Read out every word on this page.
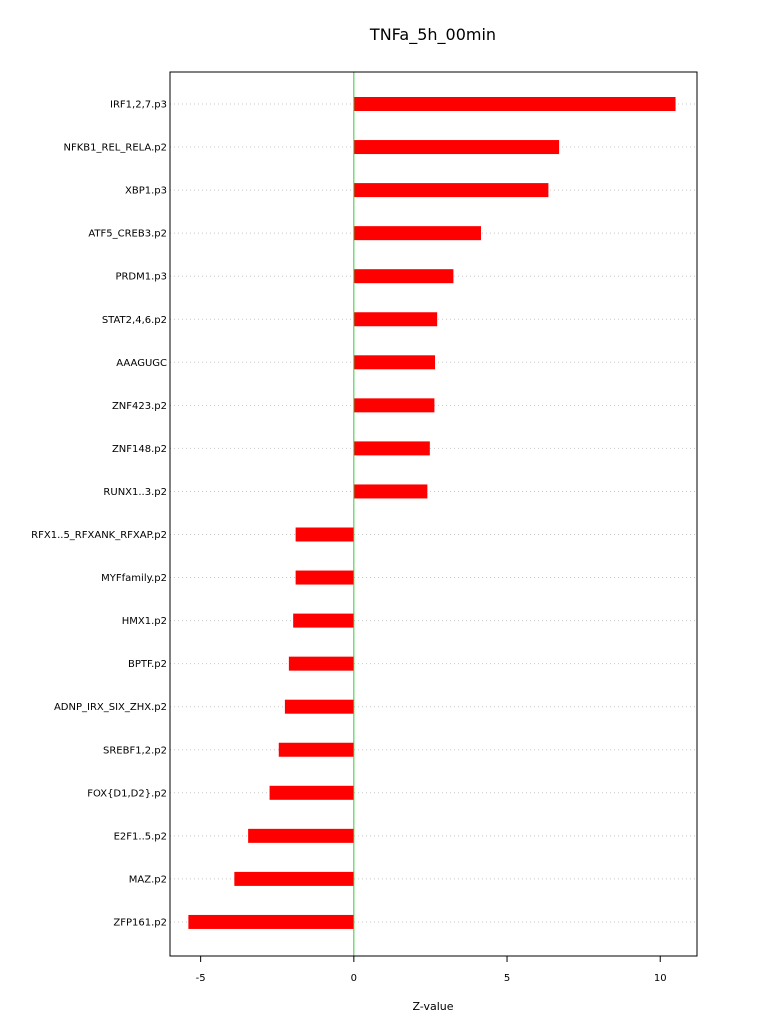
TNFa_5h_00min
IRF1,2,7.p3
NFKB1_REL_RELA.p2
XBP1.p3
ATF5_CREB3.p2
PRDM1.p3
STAT2,4,6.p2
AAAGUGC
ZNF423.p2
ZNF148.p2
RUNX1..3.p2
RFX1..5_RFXANK_RFXAP.p2
MYFfamily.p2
HMX1.p2
BPTF.p2
ADNP_IRX_SIX_ZHX.p2
SREBF1,2.p2
FOX{D1,D2}.p2
E2F1..5.p2
MAZ.p2
ZFP161.p2
-5	0	5	10
Z-value
